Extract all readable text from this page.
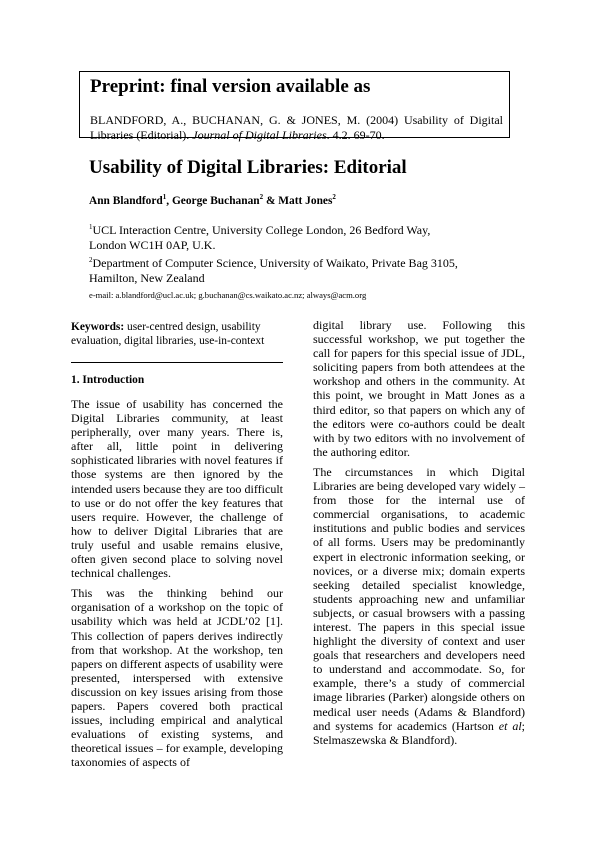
Preprint: final version available as
BLANDFORD, A., BUCHANAN, G. & JONES, M. (2004) Usability of Digital Libraries (Editorial). Journal of Digital Libraries. 4.2. 69-70.
Usability of Digital Libraries: Editorial
Ann Blandford$^1$, George Buchanan$^2$ & Matt Jones$^2$
$^1$UCL Interaction Centre, University College London, 26 Bedford Way, London WC1H 0AP, U.K.
$^2$Department of Computer Science, University of Waikato, Private Bag 3105, Hamilton, New Zealand
e-mail: a.blandford@ucl.ac.uk; g.buchanan@cs.waikato.ac.nz; always@acm.org
Keywords: user-centred design, usability evaluation, digital libraries, use-in-context
1. Introduction

The issue of usability has concerned the Digital Libraries community, at least peripherally, over many years. There is, after all, little point in delivering sophisticated libraries with novel features if those systems are then ignored by the intended users because they are too difficult to use or do not offer the key features that users require. However, the challenge of how to deliver Digital Libraries that are truly useful and usable remains elusive, often given second place to solving novel technical challenges.

This was the thinking behind our organisation of a workshop on the topic of usability which was held at JCDL’02 [1]. This collection of papers derives indirectly from that workshop. At the workshop, ten papers on different aspects of usability were presented, interspersed with extensive discussion on key issues arising from those papers. Papers covered both practical issues, including empirical and analytical evaluations of existing systems, and theoretical issues – for example, developing taxonomies of aspects of

digital library use. Following this successful workshop, we put together the call for papers for this special issue of JDL, soliciting papers from both attendees at the workshop and others in the community. At this point, we brought in Matt Jones as a third editor, so that papers on which any of the editors were co-authors could be dealt with by two editors with no involvement of the authoring editor.

The circumstances in which Digital Libraries are being developed vary widely – from those for the internal use of commercial organisations, to academic institutions and public bodies and services of all forms. Users may be predominantly expert in electronic information seeking, or novices, or a diverse mix; domain experts seeking detailed specialist knowledge, students approaching new and unfamiliar subjects, or casual browsers with a passing interest. The papers in this special issue highlight the diversity of context and user goals that researchers and developers need to understand and accommodate. So, for example, there’s a study of commercial image libraries (Parker) alongside others on medical user needs (Adams & Blandford) and systems for academics (Hartson et al; Stelmaszewska & Blandford).
